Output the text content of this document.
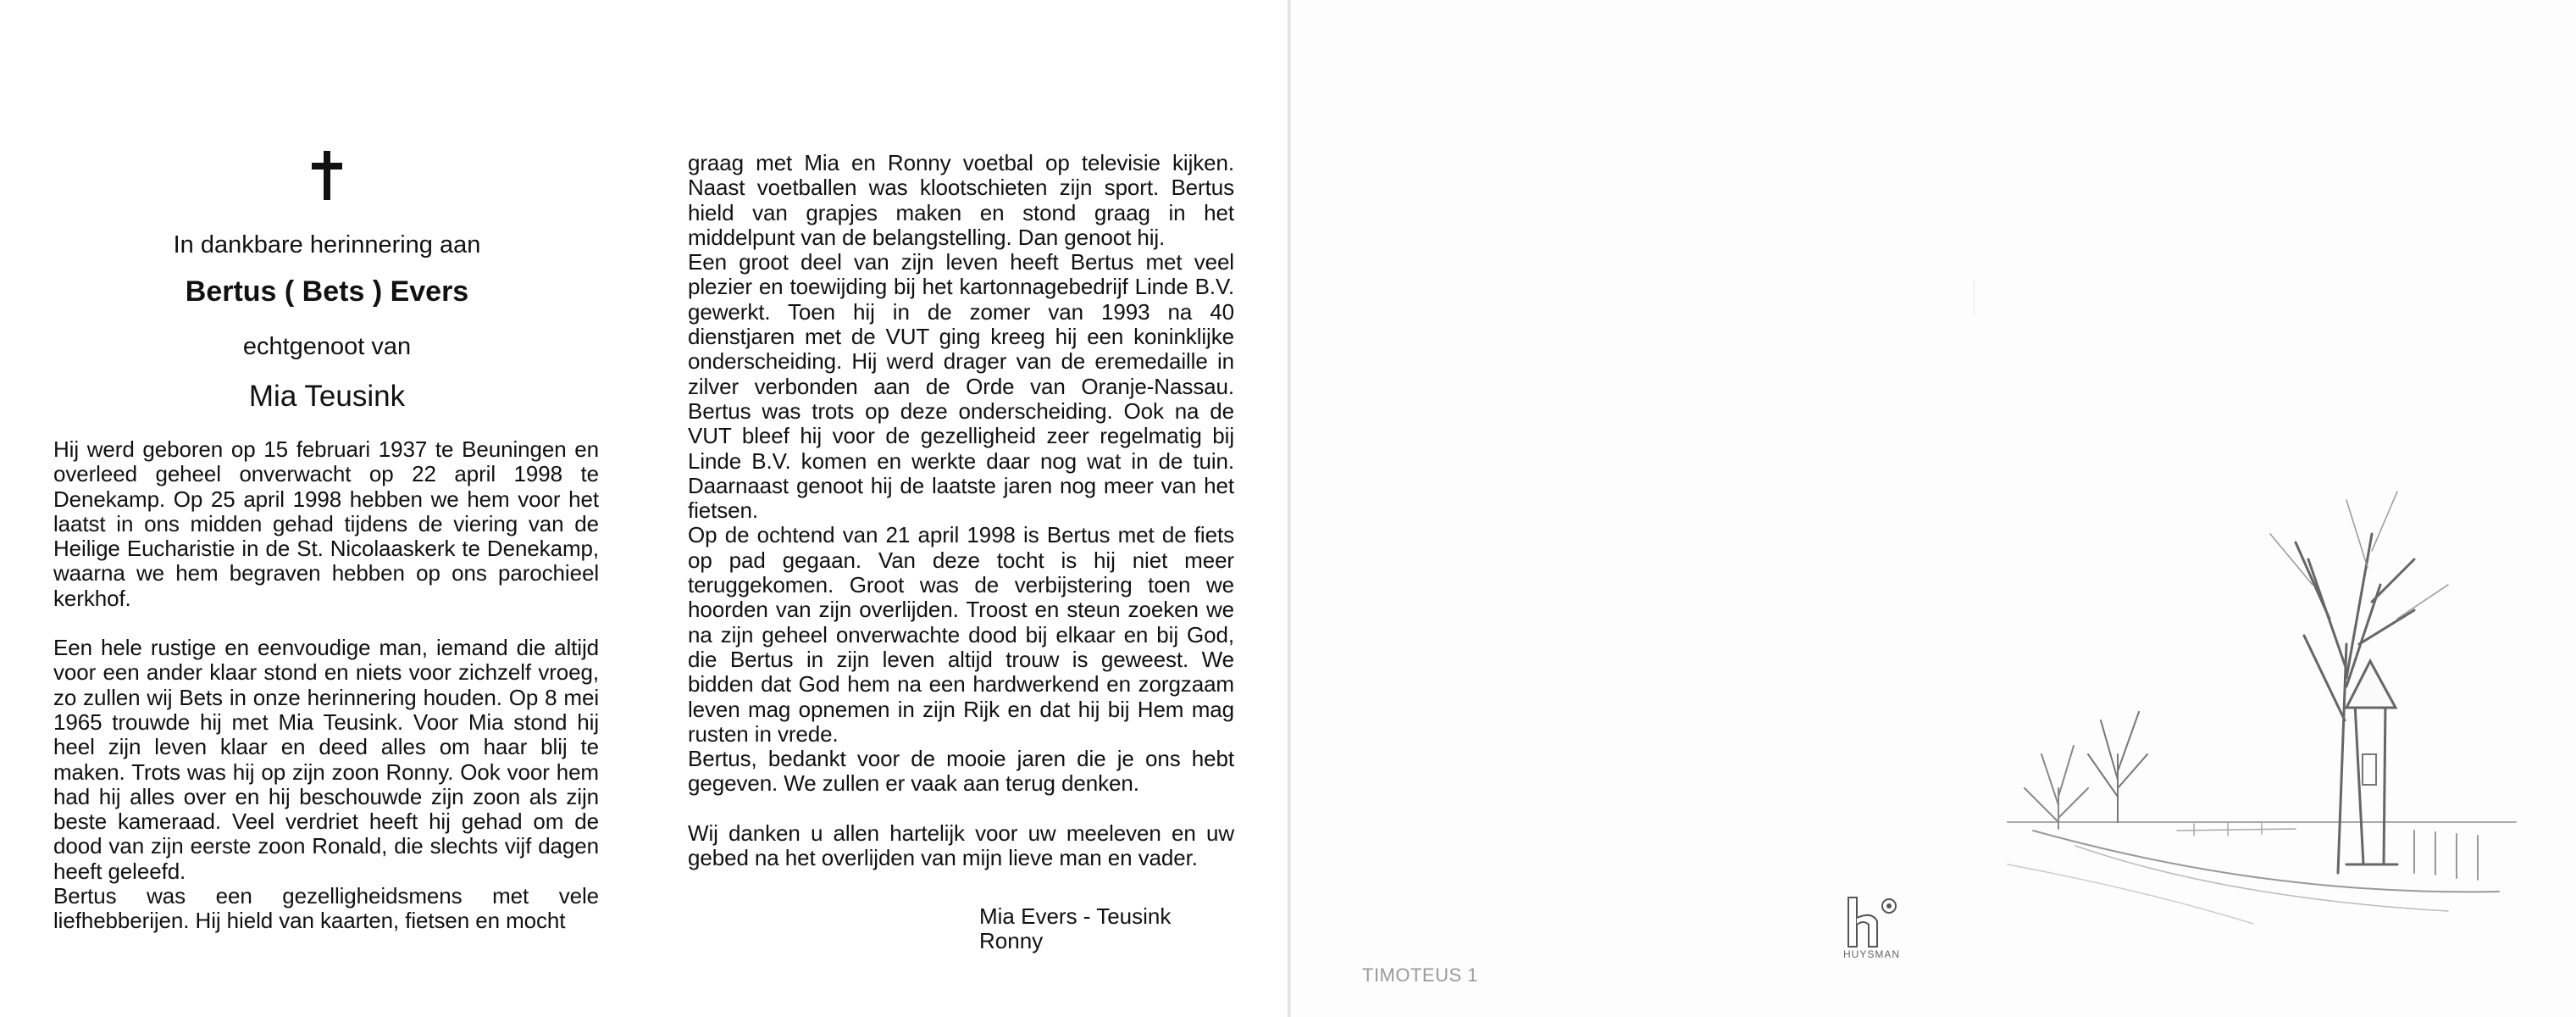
In dankbare herinnering aan
Bertus ( Bets ) Evers
echtgenoot van
Mia Teusink

Hij werd geboren op 15 februari 1937 te Beuningen en overleed geheel onverwacht op 22 april 1998 te Denekamp. Op 25 april 1998 hebben we hem voor het laatst in ons midden gehad tijdens de viering van de Heilige Eucharistie in de St. Nicolaaskerk te Denekamp, waarna we hem begraven hebben op ons parochieel kerkhof.

Een hele rustige en eenvoudige man, iemand die altijd voor een ander klaar stond en niets voor zichzelf vroeg, zo zullen wij Bets in onze herinnering houden. Op 8 mei 1965 trouwde hij met Mia Teusink. Voor Mia stond hij heel zijn leven klaar en deed alles om haar blij te maken. Trots was hij op zijn zoon Ronny. Ook voor hem had hij alles over en hij beschouwde zijn zoon als zijn beste kameraad. Veel verdriet heeft hij gehad om de dood van zijn eerste zoon Ronald, die slechts vijf dagen heeft geleefd.

Bertus was een gezelligheidsmens met vele liefhebberijen. Hij hield van kaarten, fietsen en mocht

graag met Mia en Ronny voetbal op televisie kijken. Naast voetballen was klootschieten zijn sport. Bertus hield van grapjes maken en stond graag in het middelpunt van de belangstelling. Dan genoot hij.

Een groot deel van zijn leven heeft Bertus met veel plezier en toewijding bij het kartonnagebedrijf Linde B.V. gewerkt. Toen hij in de zomer van 1993 na 40 dienstjaren met de VUT ging kreeg hij een koninklijke onderscheiding. Hij werd drager van de eremedaille in zilver verbonden aan de Orde van Oranje-Nassau. Bertus was trots op deze onderscheiding. Ook na de VUT bleef hij voor de gezelligheid zeer regelmatig bij Linde B.V. komen en werkte daar nog wat in de tuin. Daarnaast genoot hij de laatste jaren nog meer van het fietsen.

Op de ochtend van 21 april 1998 is Bertus met de fiets op pad gegaan. Van deze tocht is hij niet meer teruggekomen. Groot was de verbijstering toen we hoorden van zijn overlijden. Troost en steun zoeken we na zijn geheel onverwachte dood bij elkaar en bij God, die Bertus in zijn leven altijd trouw is geweest. We bidden dat God hem na een hardwerkend en zorgzaam leven mag opnemen in zijn Rijk en dat hij bij Hem mag rusten in vrede.

Bertus, bedankt voor de mooie jaren die je ons hebt gegeven. We zullen er vaak aan terug denken.

Wij danken u allen hartelijk voor uw meeleven en uw gebed na het overlijden van mijn lieve man en vader.

Mia Evers - Teusink
Ronny
HUYSMAN
TIMOTEUS 1
